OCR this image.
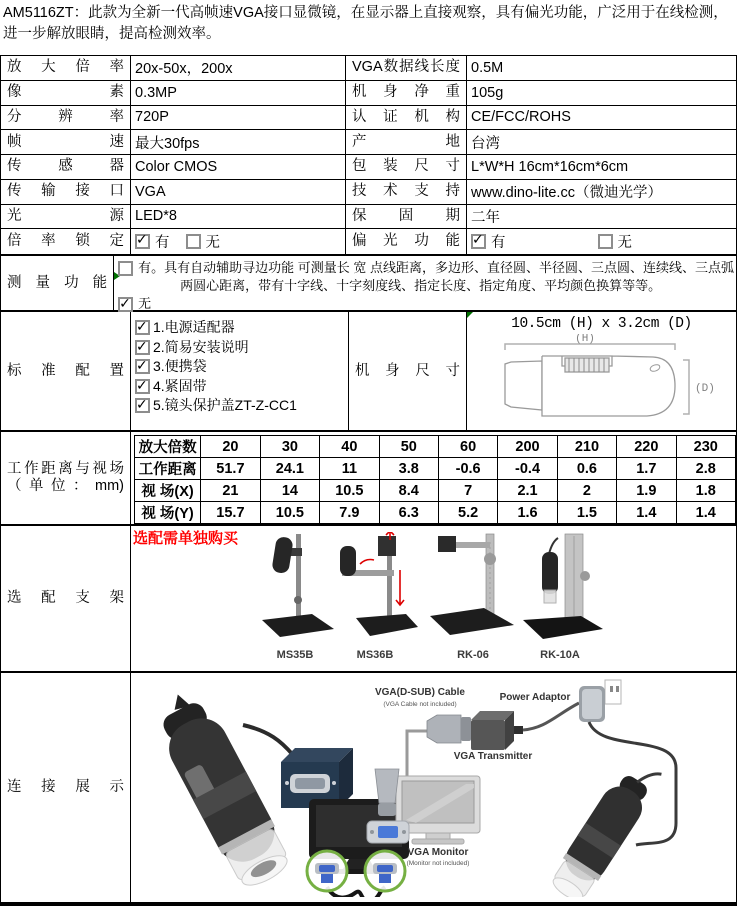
AM5116ZT：此款为全新一代高帧速VGA接口显微镜，在显示器上直接观察，具有偏光功能，广泛用于在线检测，进一步解放眼睛，提高检测效率。
放大倍率 20x-50x，200x	VGA数据线长度 0.5M
像素 0.3MP	机身净重 105g
分辨率 720P	认证机构 CE/FCC/ROHS
帧速 最大30fps	产地 台湾
传感器 Color CMOS	包装尺寸 L*W*H 16cm*16cm*6cm
传输接口 VGA	技术支持 www.dino-lite.cc（微迪光学）
光源 LED*8	保固期 二年
倍率锁定 ✓ 有 无	偏光功能 ✓ 有	无
测量功能
有。具有自动辅助寻边功能 可测量长 宽 点线距离，多边形、直径圆、半径圆、三点圆、连续线、三点弧
两圆心距离，带有十字线、十字刻度线、指定长度、指定角度、平均颜色换算等等。
✓
无
标准配置
✓
1.电源适配器
✓
2.简易安装说明
✓
3.便携袋
✓
4.紧固带
✓
5.镜头保护盖ZT-Z-CC1
机身尺寸
10.5cm (H) x 3.2cm (D)
(H)
(D)
工作距离与视场
（单位：mm)
放大倍数	20	30	40	50	60	200	210	220	230
工作距离	51.7	24.1	11	3.8	-0.6	-0.4	0.6	1.7	2.8
视 场(X)	21	14	10.5	8.4	7	2.1	2	1.9	1.8
视 场(Y)	15.7	10.5	7.9	6.3	5.2	1.6	1.5	1.4	1.4
选配支架
选配需单独购买
MS35B	MS36B	RK-06	RK-10A
连接展示
VGA(D-SUB) Cable
(VGA Cable not included)
Power Adaptor
VGA Transmitter
VGA Monitor
(Monitor not included)
